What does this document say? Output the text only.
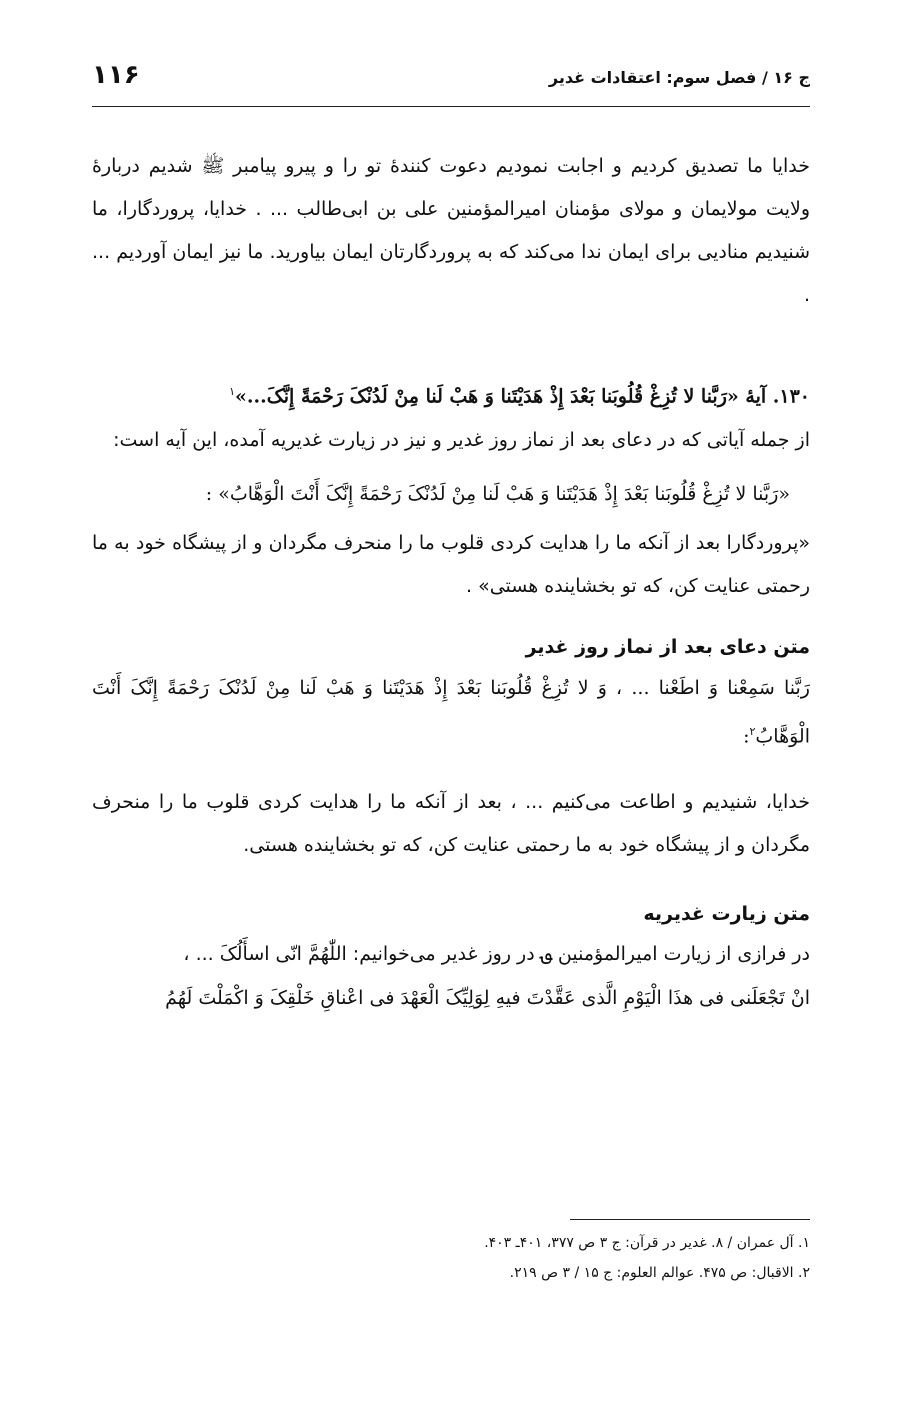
ج ۱۶ / فصل سوم: اعتقادات غدیر
۱۱۶

خدایا ما تصدیق کردیم و اجابت نمودیم دعوت کنندۀ تو را و پیرو پیامبر ﷺ شدیم دربارۀ ولایت مولایمان و مولای مؤمنان امیرالمؤمنین علی بن ابی‌طالب ... . خدایا، پروردگارا، ما شنیدیم منادیی برای ایمان ندا می‌کند که به پروردگارتان ایمان بیاورید. ما نیز ایمان آوردیم ... .

۱۳۰. آیۀ «رَبَّنا لا تُزِغْ قُلُوبَنا بَعْدَ إِذْ هَدَیْتَنا وَ هَبْ لَنا مِنْ لَدُنْکَ رَحْمَةً إِنَّکَ...»$^۱$

از جمله آیاتی که در دعای بعد از نماز روز غدیر و نیز در زیارت غدیریه آمده، این آیه است:

«رَبَّنا لا تُزِغْ قُلُوبَنا بَعْدَ إِذْ هَدَیْتَنا وَ هَبْ لَنا مِنْ لَدُنْکَ رَحْمَةً إِنَّکَ أَنْتَ الْوَهَّابُ» :

«پروردگارا بعد از آنکه ما را هدایت کردی قلوب ما را منحرف مگردان و از پیشگاه خود به ما رحمتی عنایت کن، که تو بخشاینده هستی» .

متن دعای بعد از نماز روز غدیر

رَبَّنا سَمِعْنا وَ اطَعْنا ... ، وَ لا تُزِغْ قُلُوبَنا بَعْدَ إِذْ هَدَیْتَنا وَ هَبْ لَنا مِنْ لَدُنْکَ رَحْمَةً إِنَّکَ أَنْتَ الْوَهَّابُ$^۲$:

خدایا، شنیدیم و اطاعت می‌کنیم ... ، بعد از آنکه ما را هدایت کردی قلوب ما را منحرف مگردان و از پیشگاه خود به ما رحمتی عنایت کن، که تو بخشاینده هستی.

متن زیارت غدیریه

در فرازی از زیارت امیرالمؤمنین ؈ در روز غدیر می‌خوانیم: اللّٰهُمَّ انّی اسأَلُکَ ... ،

انْ تَجْعَلَنی فی هذَا الْیَوْمِ الَّذی عَقَّدْتَ فیهِ لِوَلِیِّکَ الْعَهْدَ فی اعْناقِ خَلْقِکَ وَ اکْمَلْتَ لَهُمُ

۱. آل عمران / ۸. غدیر در قرآن: ج ۳ ص ۳۷۷، ۴۰۱ـ ۴۰۳.
۲. الاقبال: ص ۴۷۵. عوالم العلوم: ج ۱۵ / ۳ ص ۲۱۹.
